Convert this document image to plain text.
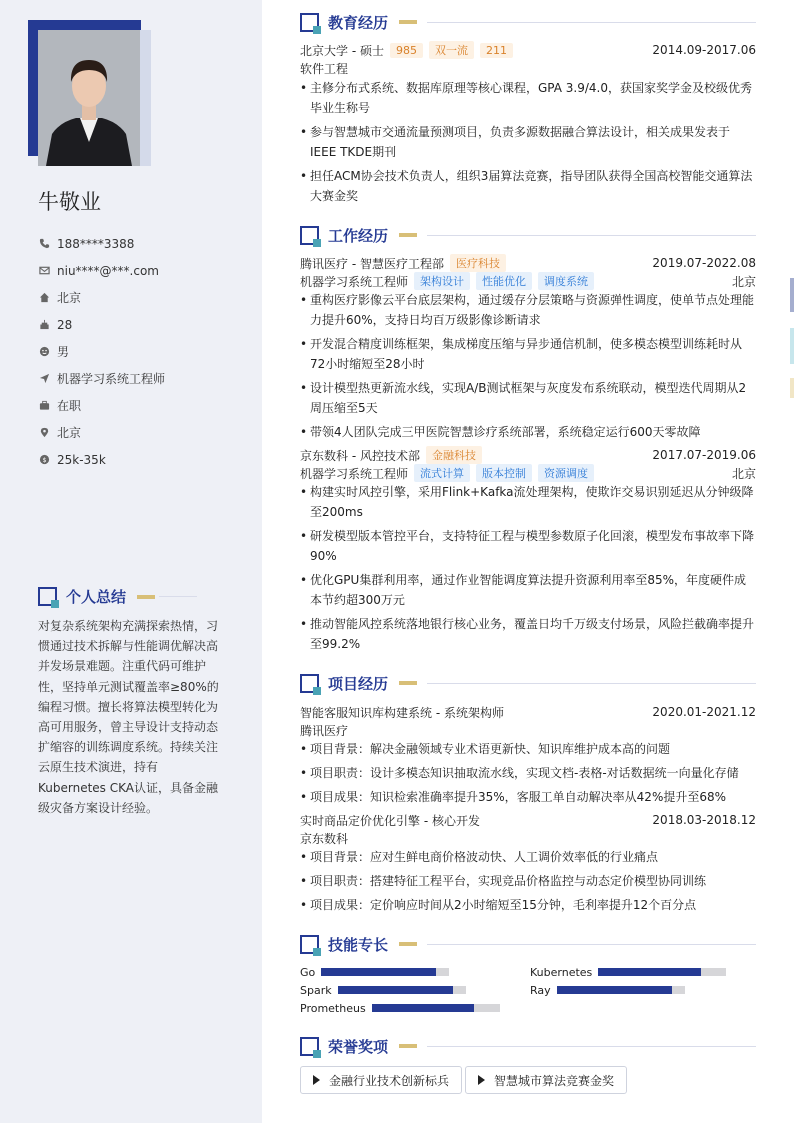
牛敬业
188****3388
niu****@***.com
北京
28
男
机器学习系统工程师
在职
北京
$ 25k-35k
个人总结
对复杂系统架构充满探索热情，习惯通过技术拆解与性能调优解决高并发场景难题。注重代码可维护性，坚持单元测试覆盖率≥80%的编程习惯。擅长将算法模型转化为高可用服务，曾主导设计支持动态扩缩容的训练调度系统。持续关注云原生技术演进，持有Kubernetes CKA认证，具备金融级灾备方案设计经验。
教育经历
北京大学 - 硕士	985	双一流	211	2014.09-2017.06
软件工程
• 主修分布式系统、数据库原理等核心课程，GPA 3.9/4.0，获国家奖学金及校级优秀毕业生称号
• 参与智慧城市交通流量预测项目，负责多源数据融合算法设计，相关成果发表于IEEE TKDE期刊
• 担任ACM协会技术负责人，组织3届算法竞赛，指导团队获得全国高校智能交通算法大赛金奖
工作经历
腾讯医疗 - 智慧医疗工程部	医疗科技	2019.07-2022.08
机器学习系统工程师	架构设计	性能优化	调度系统	北京
• 重构医疗影像云平台底层架构，通过缓存分层策略与资源弹性调度，使单节点处理能力提升60%，支持日均百万级影像诊断请求
• 开发混合精度训练框架，集成梯度压缩与异步通信机制，使多模态模型训练耗时从72小时缩短至28小时
• 设计模型热更新流水线，实现A/B测试框架与灰度发布系统联动，模型迭代周期从2周压缩至5天
• 带领4人团队完成三甲医院智慧诊疗系统部署，系统稳定运行600天零故障
京东数科 - 风控技术部	金融科技	2017.07-2019.06
机器学习系统工程师	流式计算	版本控制	资源调度	北京
• 构建实时风控引擎，采用Flink+Kafka流处理架构，使欺诈交易识别延迟从分钟级降至200ms
• 研发模型版本管控平台，支持特征工程与模型参数原子化回滚，模型发布事故率下降90%
• 优化GPU集群利用率，通过作业智能调度算法提升资源利用率至85%，年度硬件成本节约超300万元
• 推动智能风控系统落地银行核心业务，覆盖日均千万级支付场景，风险拦截确率提升至99.2%
项目经历
智能客服知识库构建系统 - 系统架构师	2020.01-2021.12
腾讯医疗
• 项目背景：解决金融领域专业术语更新快、知识库维护成本高的问题
• 项目职责：设计多模态知识抽取流水线，实现文档-表格-对话数据统一向量化存储
• 项目成果：知识检索准确率提升35%，客服工单自动解决率从42%提升至68%
实时商品定价优化引擎 - 核心开发	2018.03-2018.12
京东数科
• 项目背景：应对生鲜电商价格波动快、人工调价效率低的行业痛点
• 项目职责：搭建特征工程平台，实现竞品价格监控与动态定价模型协同训练
• 项目成果：定价响应时间从2小时缩短至15分钟，毛利率提升12个百分点
技能专长
Go	Kubernetes
Spark	Ray
Prometheus
荣誉奖项
金融行业技术创新标兵	智慧城市算法竞赛金奖
